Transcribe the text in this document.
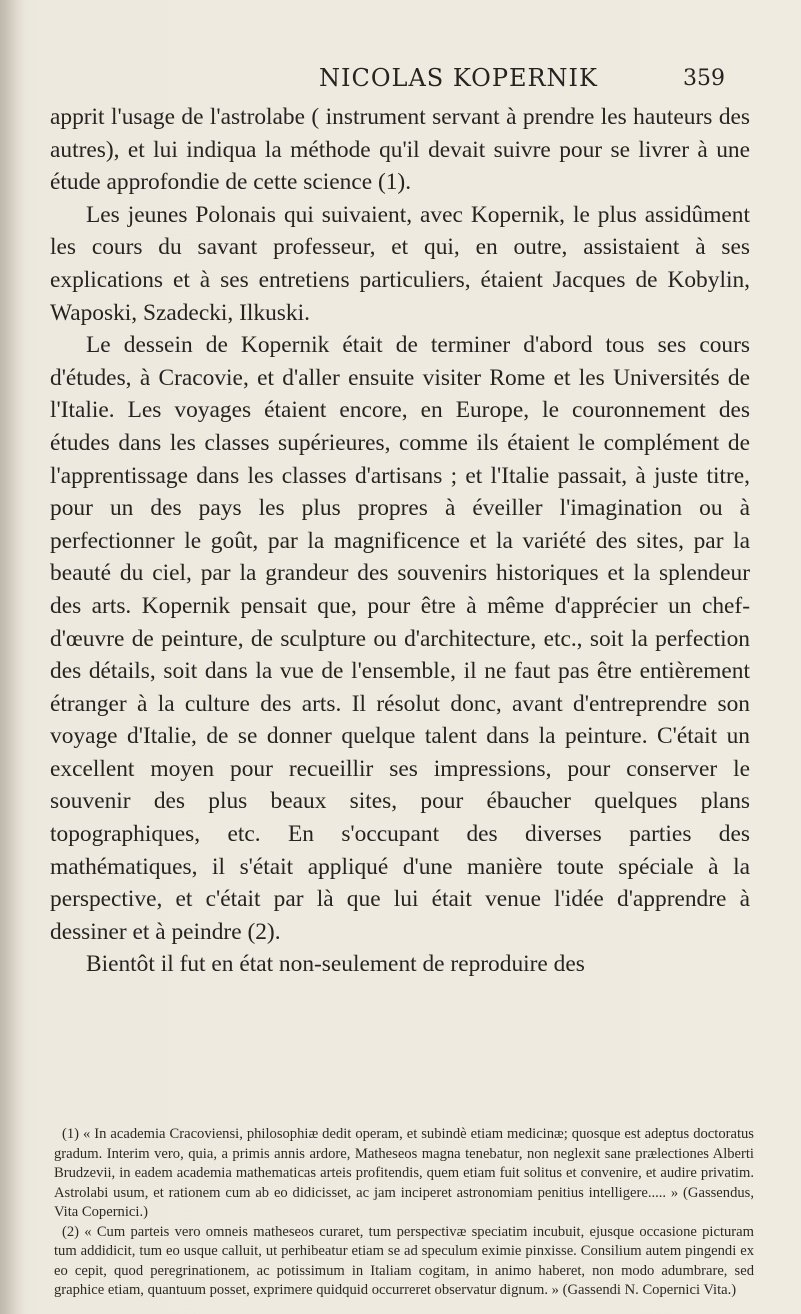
NICOLAS KOPERNIK	359

apprit l'usage de l'astrolabe ( instrument servant à prendre les hauteurs des autres), et lui indiqua la méthode qu'il devait suivre pour se livrer à une étude approfondie de cette science (1).

Les jeunes Polonais qui suivaient, avec Kopernik, le plus assidûment les cours du savant professeur, et qui, en outre, assistaient à ses explications et à ses entretiens particuliers, étaient Jacques de Kobylin, Waposki, Szadecki, Ilkuski.

Le dessein de Kopernik était de terminer d'abord tous ses cours d'études, à Cracovie, et d'aller ensuite visiter Rome et les Universités de l'Italie. Les voyages étaient encore, en Europe, le couronnement des études dans les classes supérieures, comme ils étaient le complément de l'apprentissage dans les classes d'artisans ; et l'Italie passait, à juste titre, pour un des pays les plus propres à éveiller l'imagination ou à perfectionner le goût, par la magnificence et la variété des sites, par la beauté du ciel, par la grandeur des souvenirs historiques et la splendeur des arts. Kopernik pensait que, pour être à même d'apprécier un chef-d'œuvre de peinture, de sculpture ou d'architecture, etc., soit la perfection des détails, soit dans la vue de l'ensemble, il ne faut pas être entièrement étranger à la culture des arts. Il résolut donc, avant d'entreprendre son voyage d'Italie, de se donner quelque talent dans la peinture. C'était un excellent moyen pour recueillir ses impressions, pour conserver le souvenir des plus beaux sites, pour ébaucher quelques plans topographiques, etc. En s'occupant des diverses parties des mathématiques, il s'était appliqué d'une manière toute spéciale à la perspective, et c'était par là que lui était venue l'idée d'apprendre à dessiner et à peindre (2).

Bientôt il fut en état non-seulement de reproduire des

(1) « In academia Cracoviensi, philosophiæ dedit operam, et subindè etiam medicinæ; quosque est adeptus doctoratus gradum. Interim vero, quia, a primis annis ardore, Matheseos magna tenebatur, non neglexit sane prælectiones Alberti Brudzevii, in eadem academia mathematicas arteis profitendis, quem etiam fuit solitus et convenire, et audire privatim. Astrolabi usum, et rationem cum ab eo didicisset, ac jam inciperet astronomiam penitius intelligere..... » (Gassendus, Vita Copernici.)

(2) « Cum parteis vero omneis matheseos curaret, tum perspectivæ speciatim incubuit, ejusque occasione picturam tum addidicit, tum eo usque calluit, ut perhibeatur etiam se ad speculum eximie pinxisse. Consilium autem pingendi ex eo cepit, quod peregrinationem, ac potissimum in Italiam cogitam, in animo haberet, non modo adumbrare, sed graphice etiam, quantuum posset, exprimere quidquid occurreret observatur dignum. » (Gassendi N. Copernici Vita.)
